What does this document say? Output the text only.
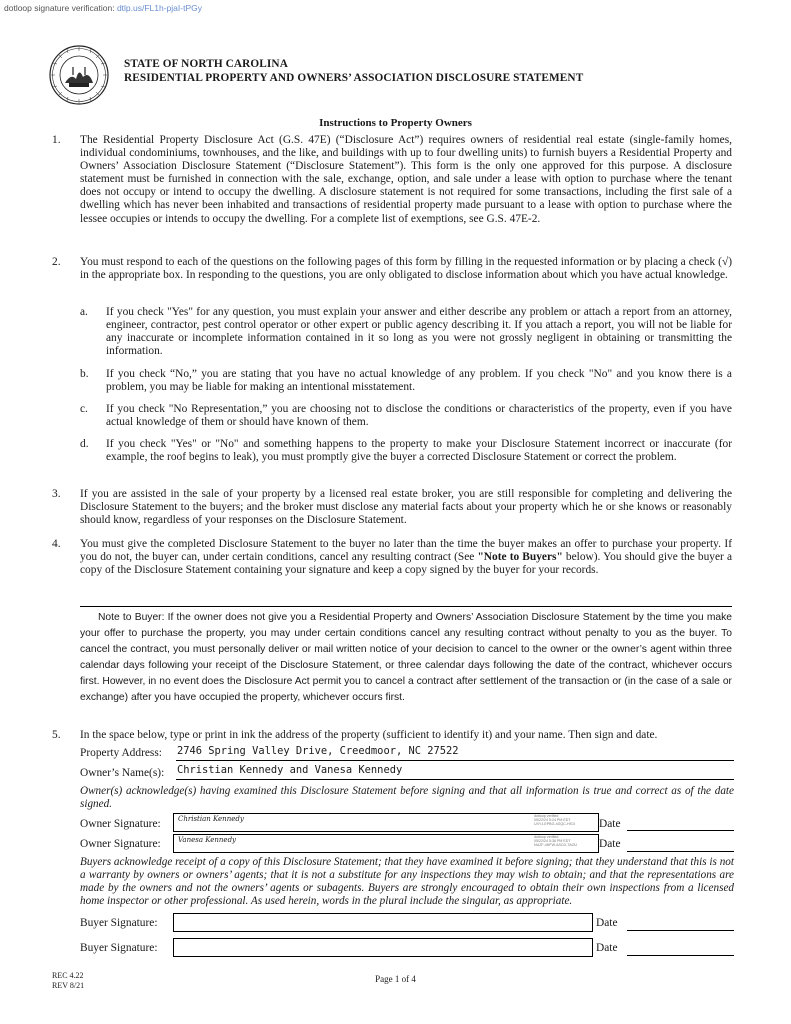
dotloop signature verification: dtlp.us/FL1h-pjaI-tPGy
STATE OF NORTH CAROLINA
RESIDENTIAL PROPERTY AND OWNERS’ ASSOCIATION DISCLOSURE STATEMENT
Instructions to Property Owners
1. The Residential Property Disclosure Act (G.S. 47E) (“Disclosure Act”) requires owners of residential real estate (single-family homes, individual condominiums, townhouses, and the like, and buildings with up to four dwelling units) to furnish buyers a Residential Property and Owners’ Association Disclosure Statement (“Disclosure Statement”). This form is the only one approved for this purpose. A disclosure statement must be furnished in connection with the sale, exchange, option, and sale under a lease with option to purchase where the tenant does not occupy or intend to occupy the dwelling. A disclosure statement is not required for some transactions, including the first sale of a dwelling which has never been inhabited and transactions of residential property made pursuant to a lease with option to purchase where the lessee occupies or intends to occupy the dwelling. For a complete list of exemptions, see G.S. 47E-2.
2. You must respond to each of the questions on the following pages of this form by filling in the requested information or by placing a check (√) in the appropriate box. In responding to the questions, you are only obligated to disclose information about which you have actual knowledge.
a. If you check "Yes" for any question, you must explain your answer and either describe any problem or attach a report from an attorney, engineer, contractor, pest control operator or other expert or public agency describing it. If you attach a report, you will not be liable for any inaccurate or incomplete information contained in it so long as you were not grossly negligent in obtaining or transmitting the information.
b. If you check “No,” you are stating that you have no actual knowledge of any problem. If you check "No" and you know there is a problem, you may be liable for making an intentional misstatement.
c. If you check "No Representation,” you are choosing not to disclose the conditions or characteristics of the property, even if you have actual knowledge of them or should have known of them.
d. If you check "Yes" or "No" and something happens to the property to make your Disclosure Statement incorrect or inaccurate (for example, the roof begins to leak), you must promptly give the buyer a corrected Disclosure Statement or correct the problem.
3. If you are assisted in the sale of your property by a licensed real estate broker, you are still responsible for completing and delivering the Disclosure Statement to the buyers; and the broker must disclose any material facts about your property which he or she knows or reasonably should know, regardless of your responses on the Disclosure Statement.
4. You must give the completed Disclosure Statement to the buyer no later than the time the buyer makes an offer to purchase your property. If you do not, the buyer can, under certain conditions, cancel any resulting contract (See "Note to Buyers" below). You should give the buyer a copy of the Disclosure Statement containing your signature and keep a copy signed by the buyer for your records.
Note to Buyer: If the owner does not give you a Residential Property and Owners’ Association Disclosure Statement by the time you make your offer to purchase the property, you may under certain conditions cancel any resulting contract without penalty to you as the buyer. To cancel the contract, you must personally deliver or mail written notice of your decision to cancel to the owner or the owner’s agent within three calendar days following your receipt of the Disclosure Statement, or three calendar days following the date of the contract, whichever occurs first. However, in no event does the Disclosure Act permit you to cancel a contract after settlement of the transaction or (in the case of a sale or exchange) after you have occupied the property, whichever occurs first.
5. In the space below, type or print in ink the address of the property (sufficient to identify it) and your name. Then sign and date.
Property Address: 2746 Spring Valley Drive, Creedmoor, NC 27522
Owner’s Name(s): Christian Kennedy and Vanesa Kennedy
Owner(s) acknowledge(s) having examined this Disclosure Statement before signing and that all information is true and correct as of the date signed.
Owner Signature: Christian Kennedy	dotloop verified
05/22/24 5:24 PM EDT
UXYJ-EPBG-4GQC-HS1I Date
Owner Signature: Vanesa Kennedy	dotloop verified
05/22/24 5:36 PM EDT
NUZF-4HFW-ASCD-TAOU Date
Buyers acknowledge receipt of a copy of this Disclosure Statement; that they have examined it before signing; that they understand that this is not a warranty by owners or owners’ agents; that it is not a substitute for any inspections they may wish to obtain; and that the representations are made by the owners and not the owners’ agents or subagents. Buyers are strongly encouraged to obtain their own inspections from a licensed home inspector or other professional. As used herein, words in the plural include the singular, as appropriate.
Buyer Signature:	Date
Buyer Signature:	Date
REC 4.22
REV 8/21
Page 1 of 4
